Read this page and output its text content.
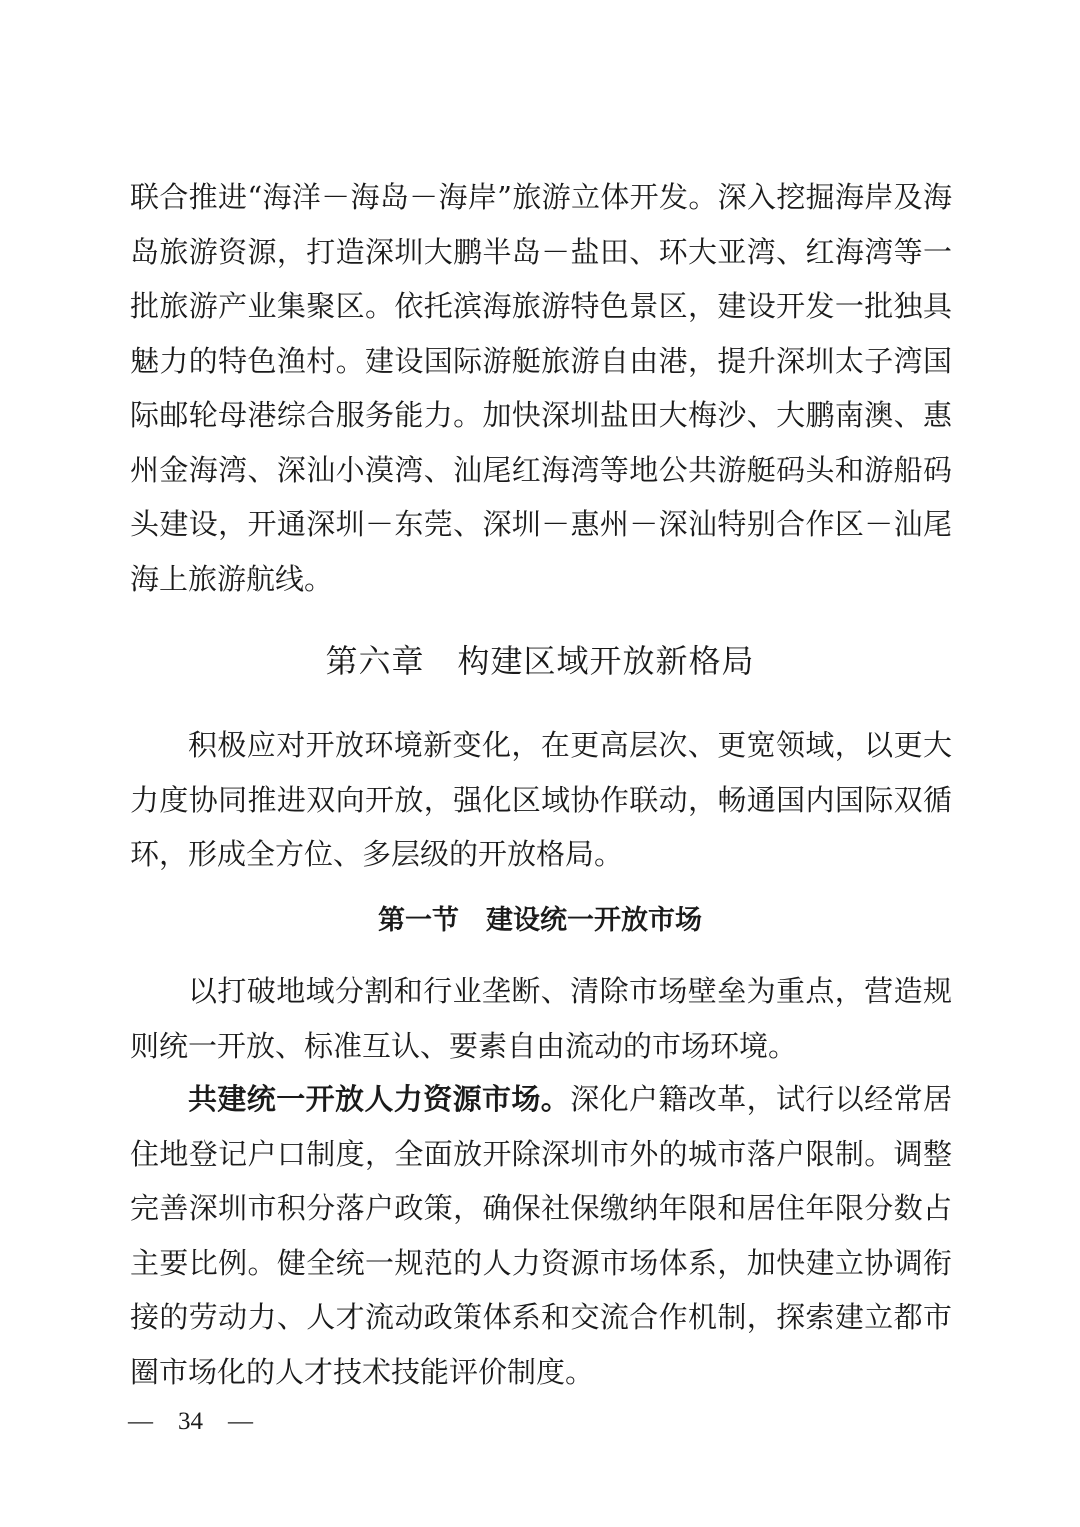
联合推进“海洋－海岛－海岸”旅游立体开发。深入挖掘海岸及海岛旅游资源，打造深圳大鹏半岛－盐田、环大亚湾、红海湾等一批旅游产业集聚区。依托滨海旅游特色景区，建设开发一批独具魅力的特色渔村。建设国际游艇旅游自由港，提升深圳太子湾国际邮轮母港综合服务能力。加快深圳盐田大梅沙、大鹏南澳、惠州金海湾、深汕小漠湾、汕尾红海湾等地公共游艇码头和游船码头建设，开通深圳－东莞、深圳－惠州－深汕特别合作区－汕尾海上旅游航线。

第六章　构建区域开放新格局

积极应对开放环境新变化，在更高层次、更宽领域，以更大力度协同推进双向开放，强化区域协作联动，畅通国内国际双循环，形成全方位、多层级的开放格局。

第一节　建设统一开放市场

以打破地域分割和行业垄断、清除市场壁垒为重点，营造规则统一开放、标准互认、要素自由流动的市场环境。

共建统一开放人力资源市场。深化户籍改革，试行以经常居住地登记户口制度，全面放开除深圳市外的城市落户限制。调整完善深圳市积分落户政策，确保社保缴纳年限和居住年限分数占主要比例。健全统一规范的人力资源市场体系，加快建立协调衔接的劳动力、人才流动政策体系和交流合作机制，探索建立都市圈市场化的人才技术技能评价制度。

—　34　—
